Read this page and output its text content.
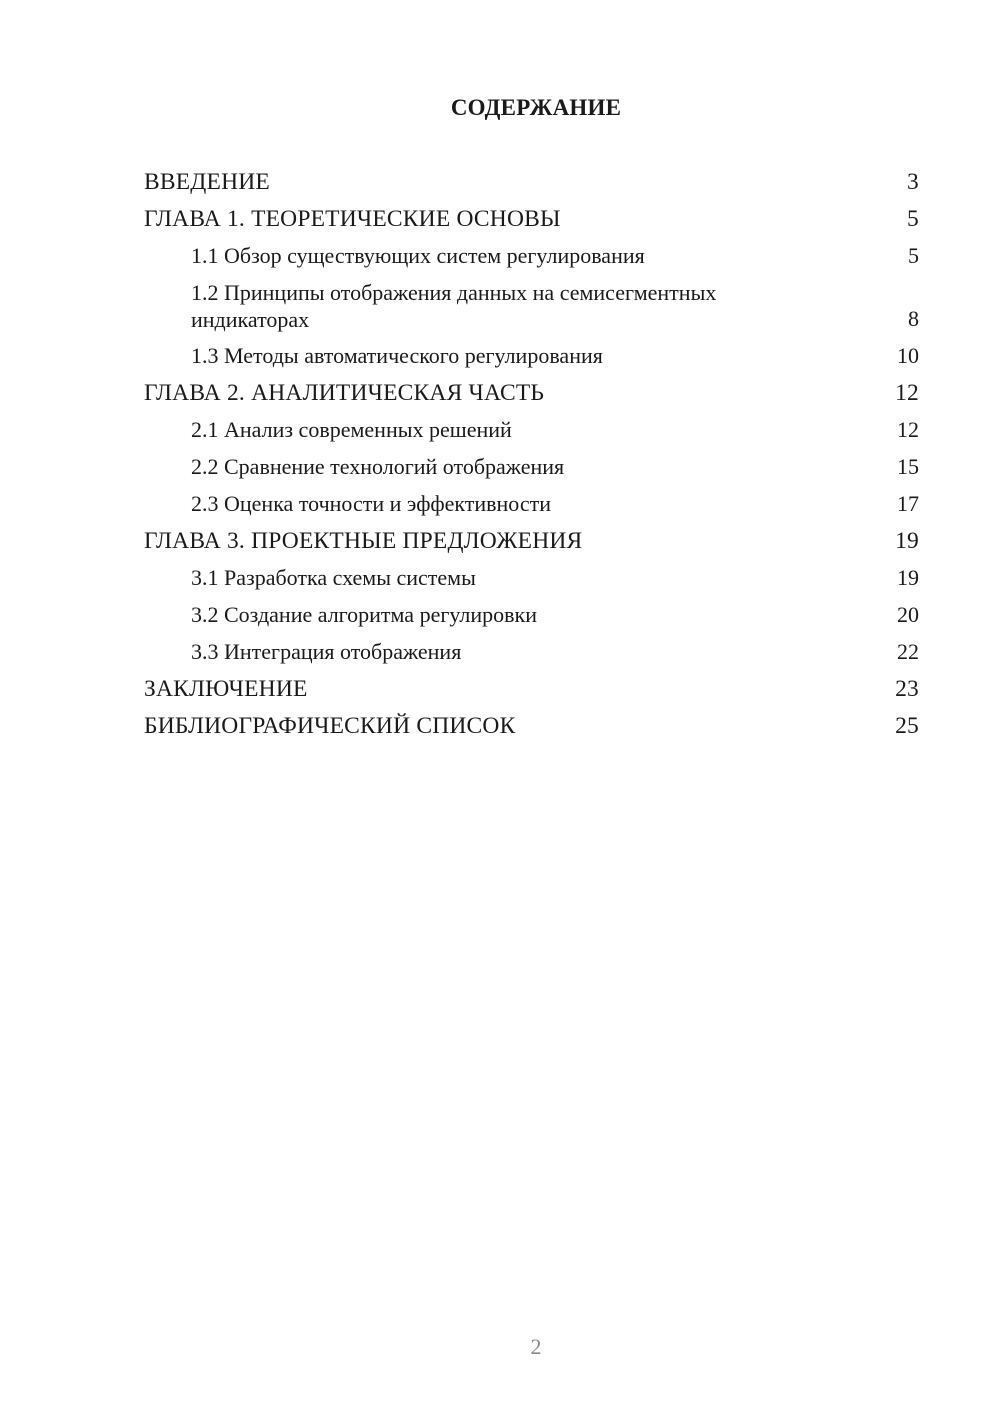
СОДЕРЖАНИЕ
ВВЕДЕНИЕ	3
ГЛАВА 1. ТЕОРЕТИЧЕСКИЕ ОСНОВЫ	5
1.1 Обзор существующих систем регулирования	5
1.2 Принципы отображения данных на семисегментных индикаторах	8
1.3 Методы автоматического регулирования	10
ГЛАВА 2. АНАЛИТИЧЕСКАЯ ЧАСТЬ	12
2.1 Анализ современных решений	12
2.2 Сравнение технологий отображения	15
2.3 Оценка точности и эффективности	17
ГЛАВА 3. ПРОЕКТНЫЕ ПРЕДЛОЖЕНИЯ	19
3.1 Разработка схемы системы	19
3.2 Создание алгоритма регулировки	20
3.3 Интеграция отображения	22
ЗАКЛЮЧЕНИЕ	23
БИБЛИОГРАФИЧЕСКИЙ СПИСОК	25
2
